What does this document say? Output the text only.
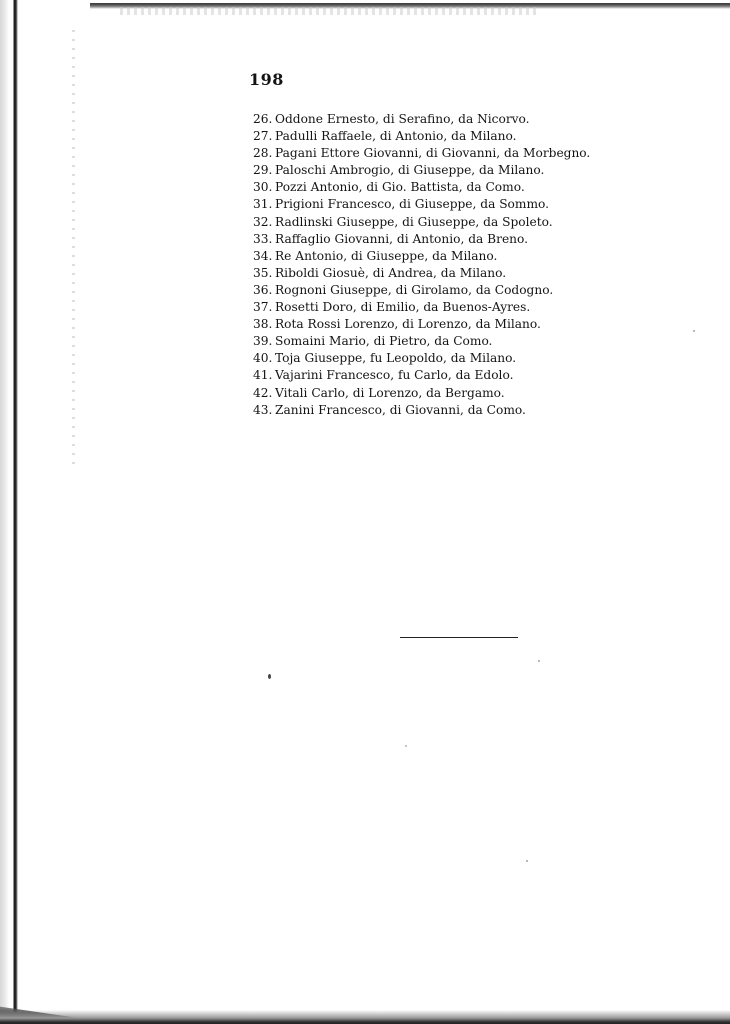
198
26. Oddone Ernesto, di Serafino, da Nicorvo.
27. Padulli Raffaele, di Antonio, da Milano.
28. Pagani Ettore Giovanni, di Giovanni, da Morbegno.
29. Paloschi Ambrogio, di Giuseppe, da Milano.
30. Pozzi Antonio, di Gio. Battista, da Como.
31. Prigioni Francesco, di Giuseppe, da Sommo.
32. Radlinski Giuseppe, di Giuseppe, da Spoleto.
33. Raffaglio Giovanni, di Antonio, da Breno.
34. Re Antonio, di Giuseppe, da Milano.
35. Riboldi Giosuè, di Andrea, da Milano.
36. Rognoni Giuseppe, di Girolamo, da Codogno.
37. Rosetti Doro, di Emilio, da Buenos-Ayres.
38. Rota Rossi Lorenzo, di Lorenzo, da Milano.
39. Somaini Mario, di Pietro, da Como.
40. Toja Giuseppe, fu Leopoldo, da Milano.
41. Vajarini Francesco, fu Carlo, da Edolo.
42. Vitali Carlo, di Lorenzo, da Bergamo.
43. Zanini Francesco, di Giovanni, da Como.
